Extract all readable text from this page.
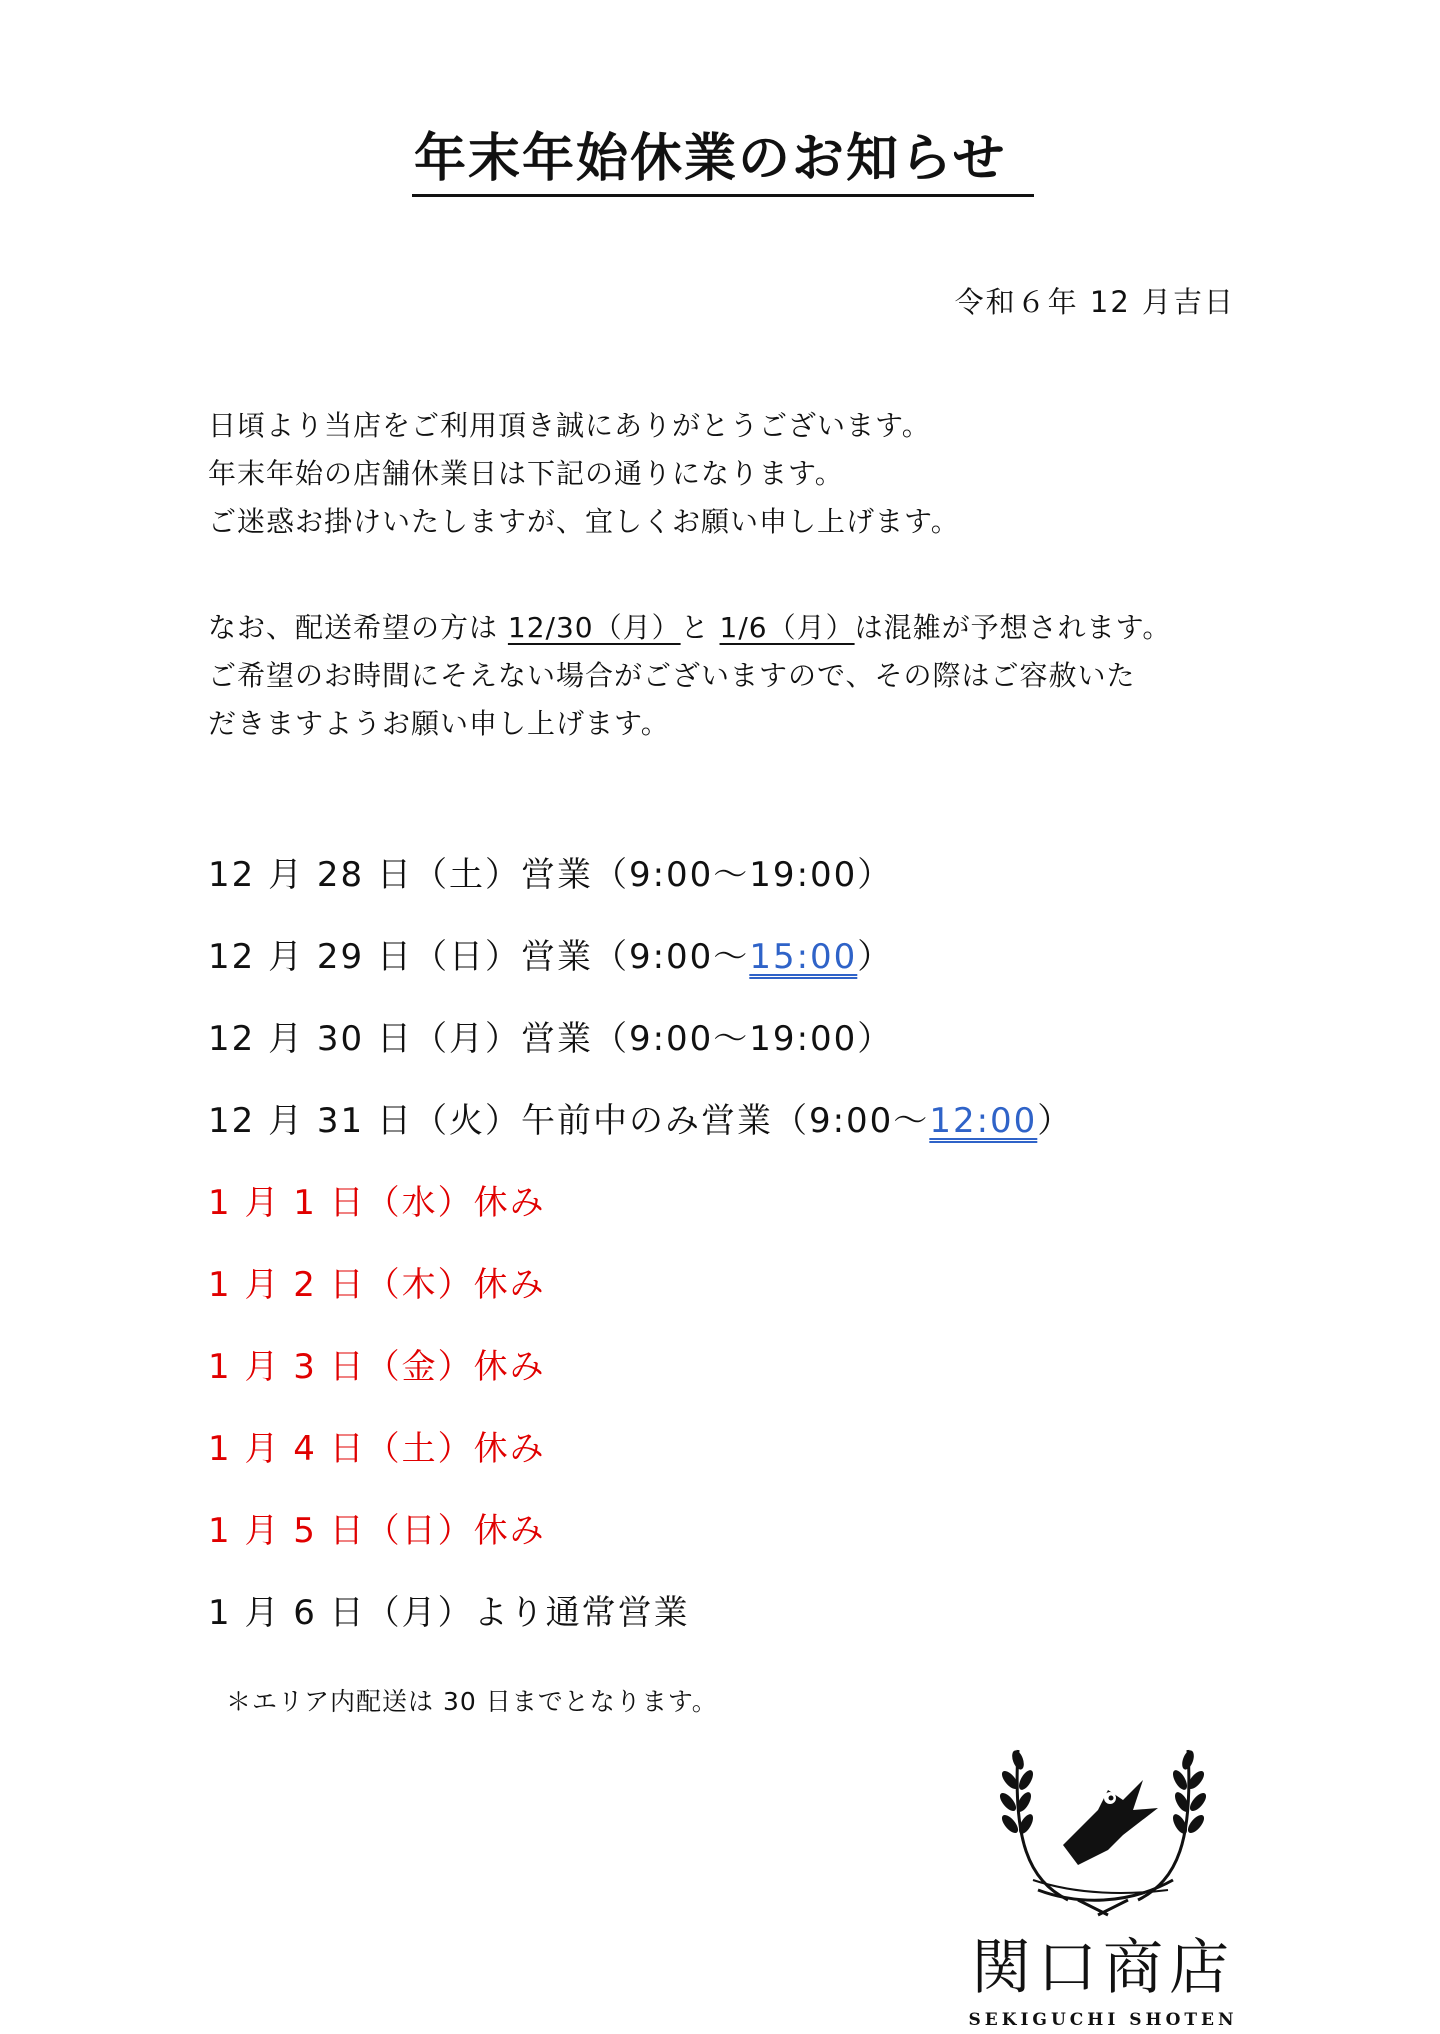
年末年始休業のお知らせ
令和６年 12 月吉日

日頃より当店をご利用頂き誠にありがとうございます。

年末年始の店舗休業日は下記の通りになります。

ご迷惑お掛けいたしますが、宜しくお願い申し上げます。

なお、配送希望の方は 12/30（月）と 1/6（月）は混雑が予想されます。

ご希望のお時間にそえない場合がございますので、その際はご容赦いた

だきますようお願い申し上げます。

12 月 28 日（土）営業（9:00～19:00）
12 月 29 日（日）営業（9:00～15:00）
12 月 30 日（月）営業（9:00～19:00）
12 月 31 日（火）午前中のみ営業（9:00～12:00）
1 月 1 日（水）休み
1 月 2 日（木）休み
1 月 3 日（金）休み
1 月 4 日（土）休み
1 月 5 日（日）休み
1 月 6 日（月）より通常営業
＊エリア内配送は 30 日までとなります。
関口商店
SEKIGUCHI SHOTEN
